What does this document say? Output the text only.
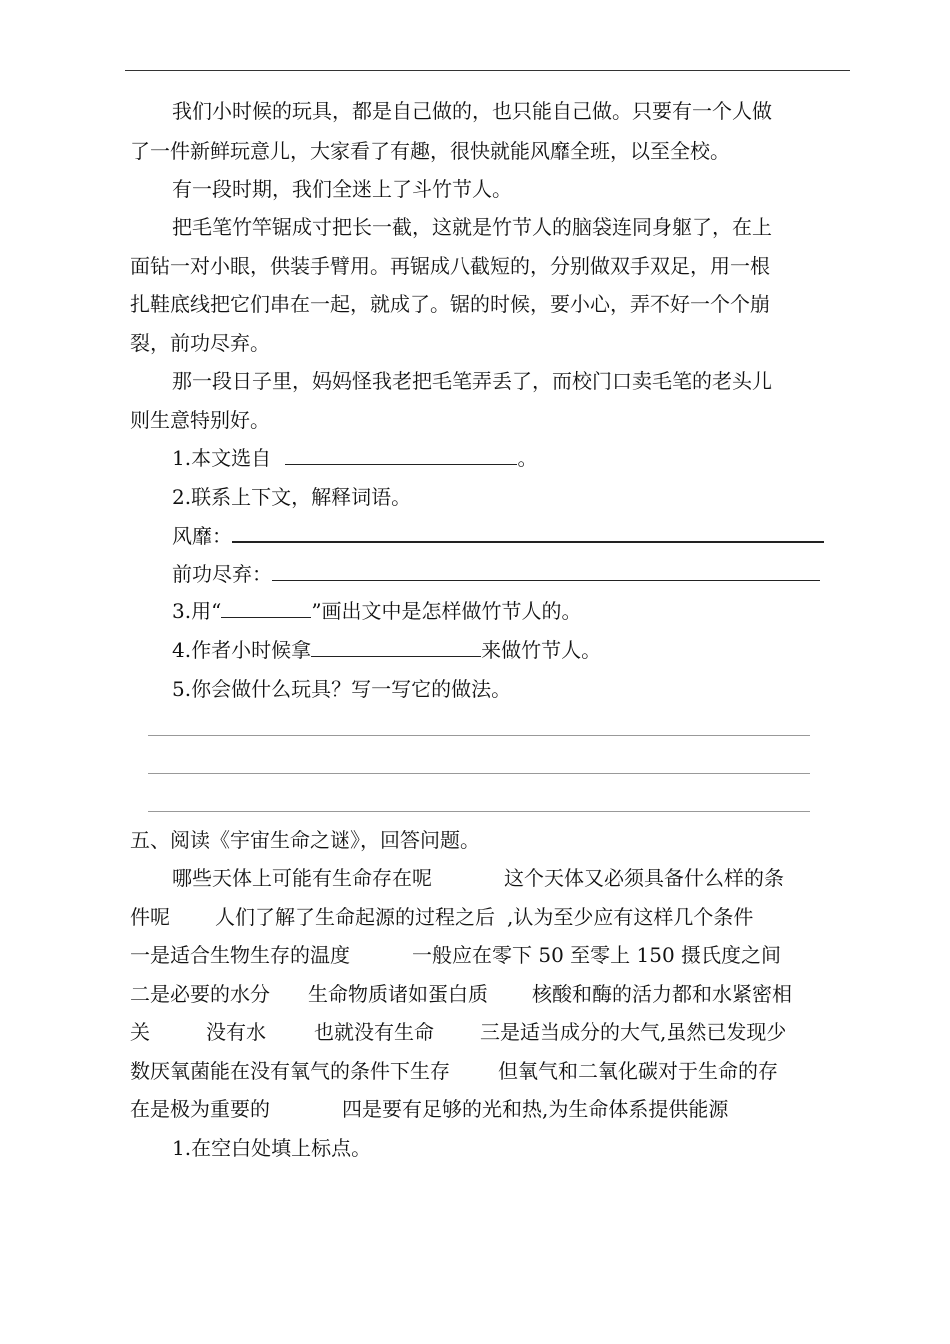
我们小时候的玩具，都是自己做的，也只能自己做。只要有一个人做
了一件新鲜玩意儿，大家看了有趣，很快就能风靡全班，以至全校。
有一段时期，我们全迷上了斗竹节人。
把毛笔竹竿锯成寸把长一截，这就是竹节人的脑袋连同身躯了，在上
面钻一对小眼，供装手臂用。再锯成八截短的，分别做双手双足，用一根
扎鞋底线把它们串在一起，就成了。锯的时候，要小心，弄不好一个个崩
裂，前功尽弃。
那一段日子里，妈妈怪我老把毛笔弄丢了，而校门口卖毛笔的老头儿
则生意特别好。
1.本文选自	。
2.联系上下文，解释词语。
风靡：
前功尽弃：
3.用“	”画出文中是怎样做竹节人的。
4.作者小时候拿	来做竹节人。
5.你会做什么玩具？写一写它的做法。
五、阅读《宇宙生命之谜》，回答问题。
哪些天体上可能有生命存在呢	这个天体又必须具备什么样的条
件呢 人们了解了生命起源的过程之后 ,认为至少应有这样几个条件
一是适合生物生存的温度	一般应在零下 50 至零上 150 摄氏度之间
二是必要的水分 生命物质诸如蛋白质 核酸和酶的活力都和水紧密相
关	没有水 也就没有生命 三是适当成分的大气,虽然已发现少
数厌氧菌能在没有氧气的条件下生存 但氧气和二氧化碳对于生命的存
在是极为重要的	四是要有足够的光和热,为生命体系提供能源
1.在空白处填上标点。
